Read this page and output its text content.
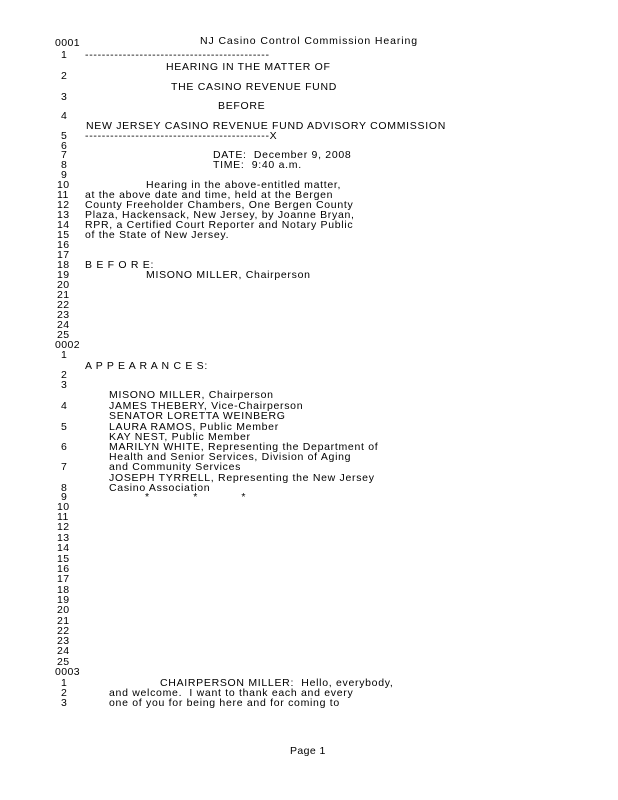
NJ Casino Control Commission Hearing
0001
1	--------------------------------------------
HEARING IN THE MATTER OF
2
THE CASINO REVENUE FUND
3
BEFORE
4
NEW JERSEY CASINO REVENUE FUND ADVISORY COMMISSION
5	--------------------------------------------X
6
7	DATE:  December 9, 2008
8	TIME:  9:40 a.m.
9
10	Hearing in the above-entitled matter,
11	at the above date and time, held at the Bergen
12	County Freeholder Chambers, One Bergen County
13	Plaza, Hackensack, New Jersey, by Joanne Bryan,
14	RPR, a Certified Court Reporter and Notary Public
15	of the State of New Jersey.
16
17
18	B E F O R E:
19	MISONO MILLER, Chairperson
20
21
22
23
24
25
0002
1
A P P E A R A N C E S:
2
3
MISONO MILLER, Chairperson
4	JAMES THEBERY, Vice-Chairperson
SENATOR LORETTA WEINBERG
5	LAURA RAMOS, Public Member
KAY NEST, Public Member
6	MARILYN WHITE, Representing the Department of
Health and Senior Services, Division of Aging
7	and Community Services
JOSEPH TYRRELL, Representing the New Jersey
8	Casino Association
9	*            *            *
10
11
12
13
14
15
16
17
18
19
20
21
22
23
24
25
0003
1	CHAIRPERSON MILLER:  Hello, everybody,
2	and welcome.  I want to thank each and every
3	one of you for being here and for coming to
Page 1
